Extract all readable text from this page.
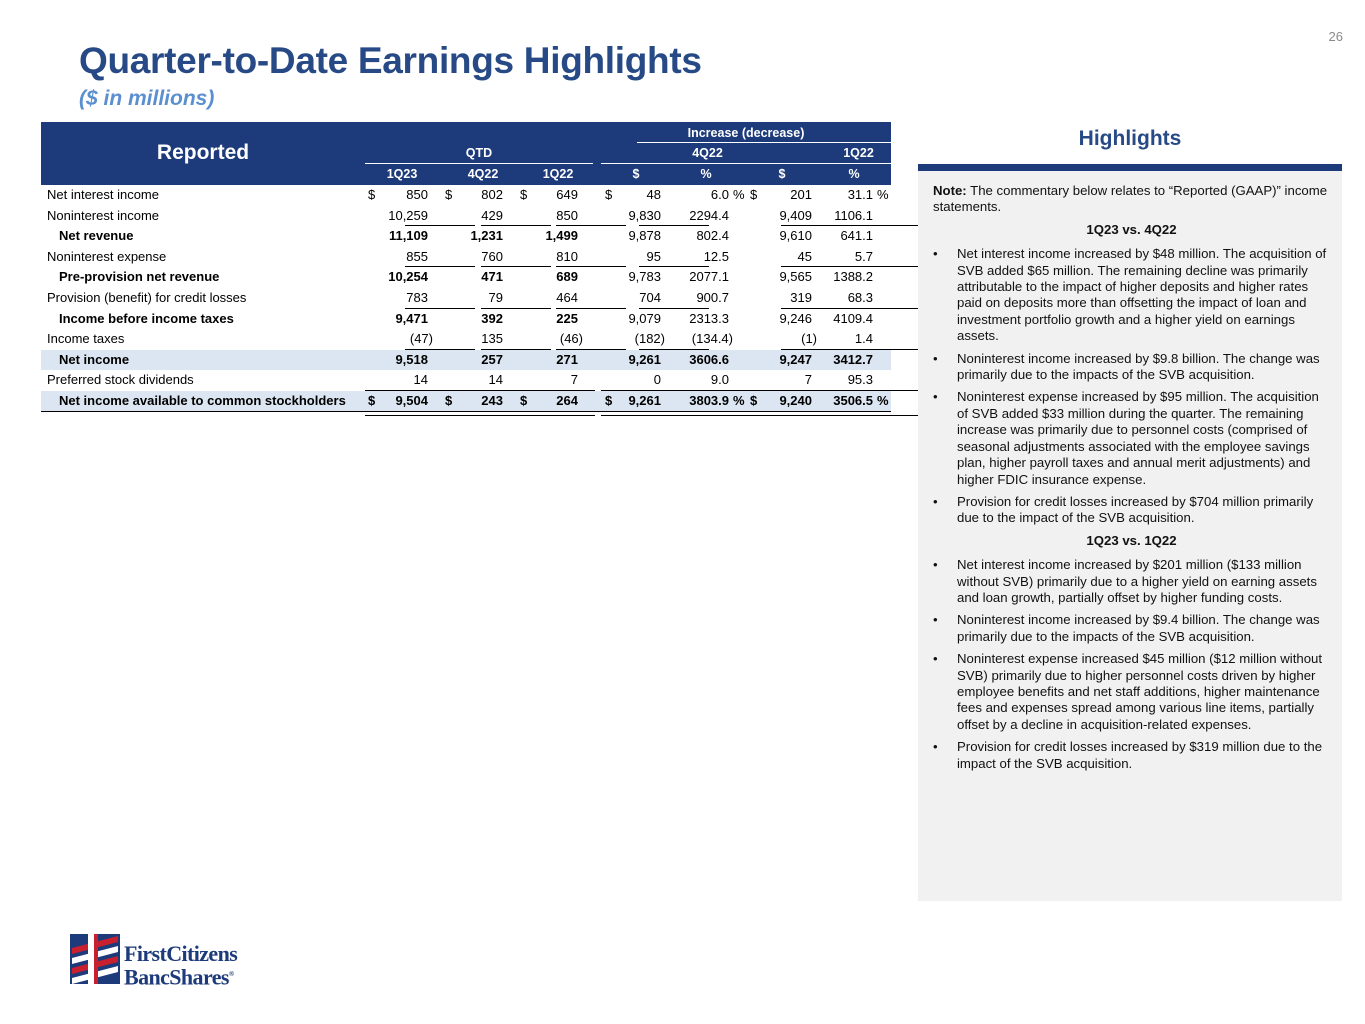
26
Quarter-to-Date Earnings Highlights
($ in millions)
Reported
Increase (decrease)
QTD	4Q22	1Q22
1Q23	4Q22	1Q22	$	%	$	%
Net interest income	$	850 $	802 $	649 $	48	6.0 % $	201	31.1 %
Noninterest income	10,259	429	850	9,830	2294.4	9,409	1106.1
Net revenue	11,109	1,231	1,499	9,878	802.4	9,610	641.1
Noninterest expense	855	760	810	95	12.5	45	5.7
Pre-provision net revenue	10,254	471	689	9,783	2077.1	9,565	1388.2
Provision (benefit) for credit losses	783	79	464	704	900.7	319	68.3
Income before income taxes	9,471	392	225	9,079	2313.3	9,246	4109.4
Income taxes	(47)	135	(46)	(182)	(134.4)	(1)	1.4
Net income	9,518	257	271	9,261	3606.6	9,247	3412.7
Preferred stock dividends	14	14	7	0	9.0	7	95.3
Net income available to common stockholders $	9,504 $	243 $	264 $	9,261	3803.9 % $	9,240	3506.5 %
Highlights
Note: The commentary below relates to “Reported (GAAP)” income statements.
1Q23 vs. 4Q22
• Net interest income increased by $48 million. The acquisition of SVB added $65 million. The remaining decline was primarily attributable to the impact of higher deposits and higher rates paid on deposits more than offsetting the impact of loan and investment portfolio growth and a higher yield on earnings assets.
• Noninterest income increased by $9.8 billion. The change was primarily due to the impacts of the SVB acquisition.
• Noninterest expense increased by $95 million. The acquisition of SVB added $33 million during the quarter. The remaining increase was primarily due to personnel costs (comprised of seasonal adjustments associated with the employee savings plan, higher payroll taxes and annual merit adjustments) and higher FDIC insurance expense.
• Provision for credit losses increased by $704 million primarily due to the impact of the SVB acquisition.
1Q23 vs. 1Q22
• Net interest income increased by $201 million ($133 million without SVB) primarily due to a higher yield on earning assets and loan growth, partially offset by higher funding costs.
• Noninterest income increased by $9.4 billion. The change was primarily due to the impacts of the SVB acquisition.
• Noninterest expense increased $45 million ($12 million without SVB) primarily due to higher personnel costs driven by higher employee benefits and net staff additions, higher maintenance fees and expenses spread among various line items, partially offset by a decline in acquisition-related expenses.
• Provision for credit losses increased by $319 million due to the impact of the SVB acquisition.
FirstCitizens
BancShares®
